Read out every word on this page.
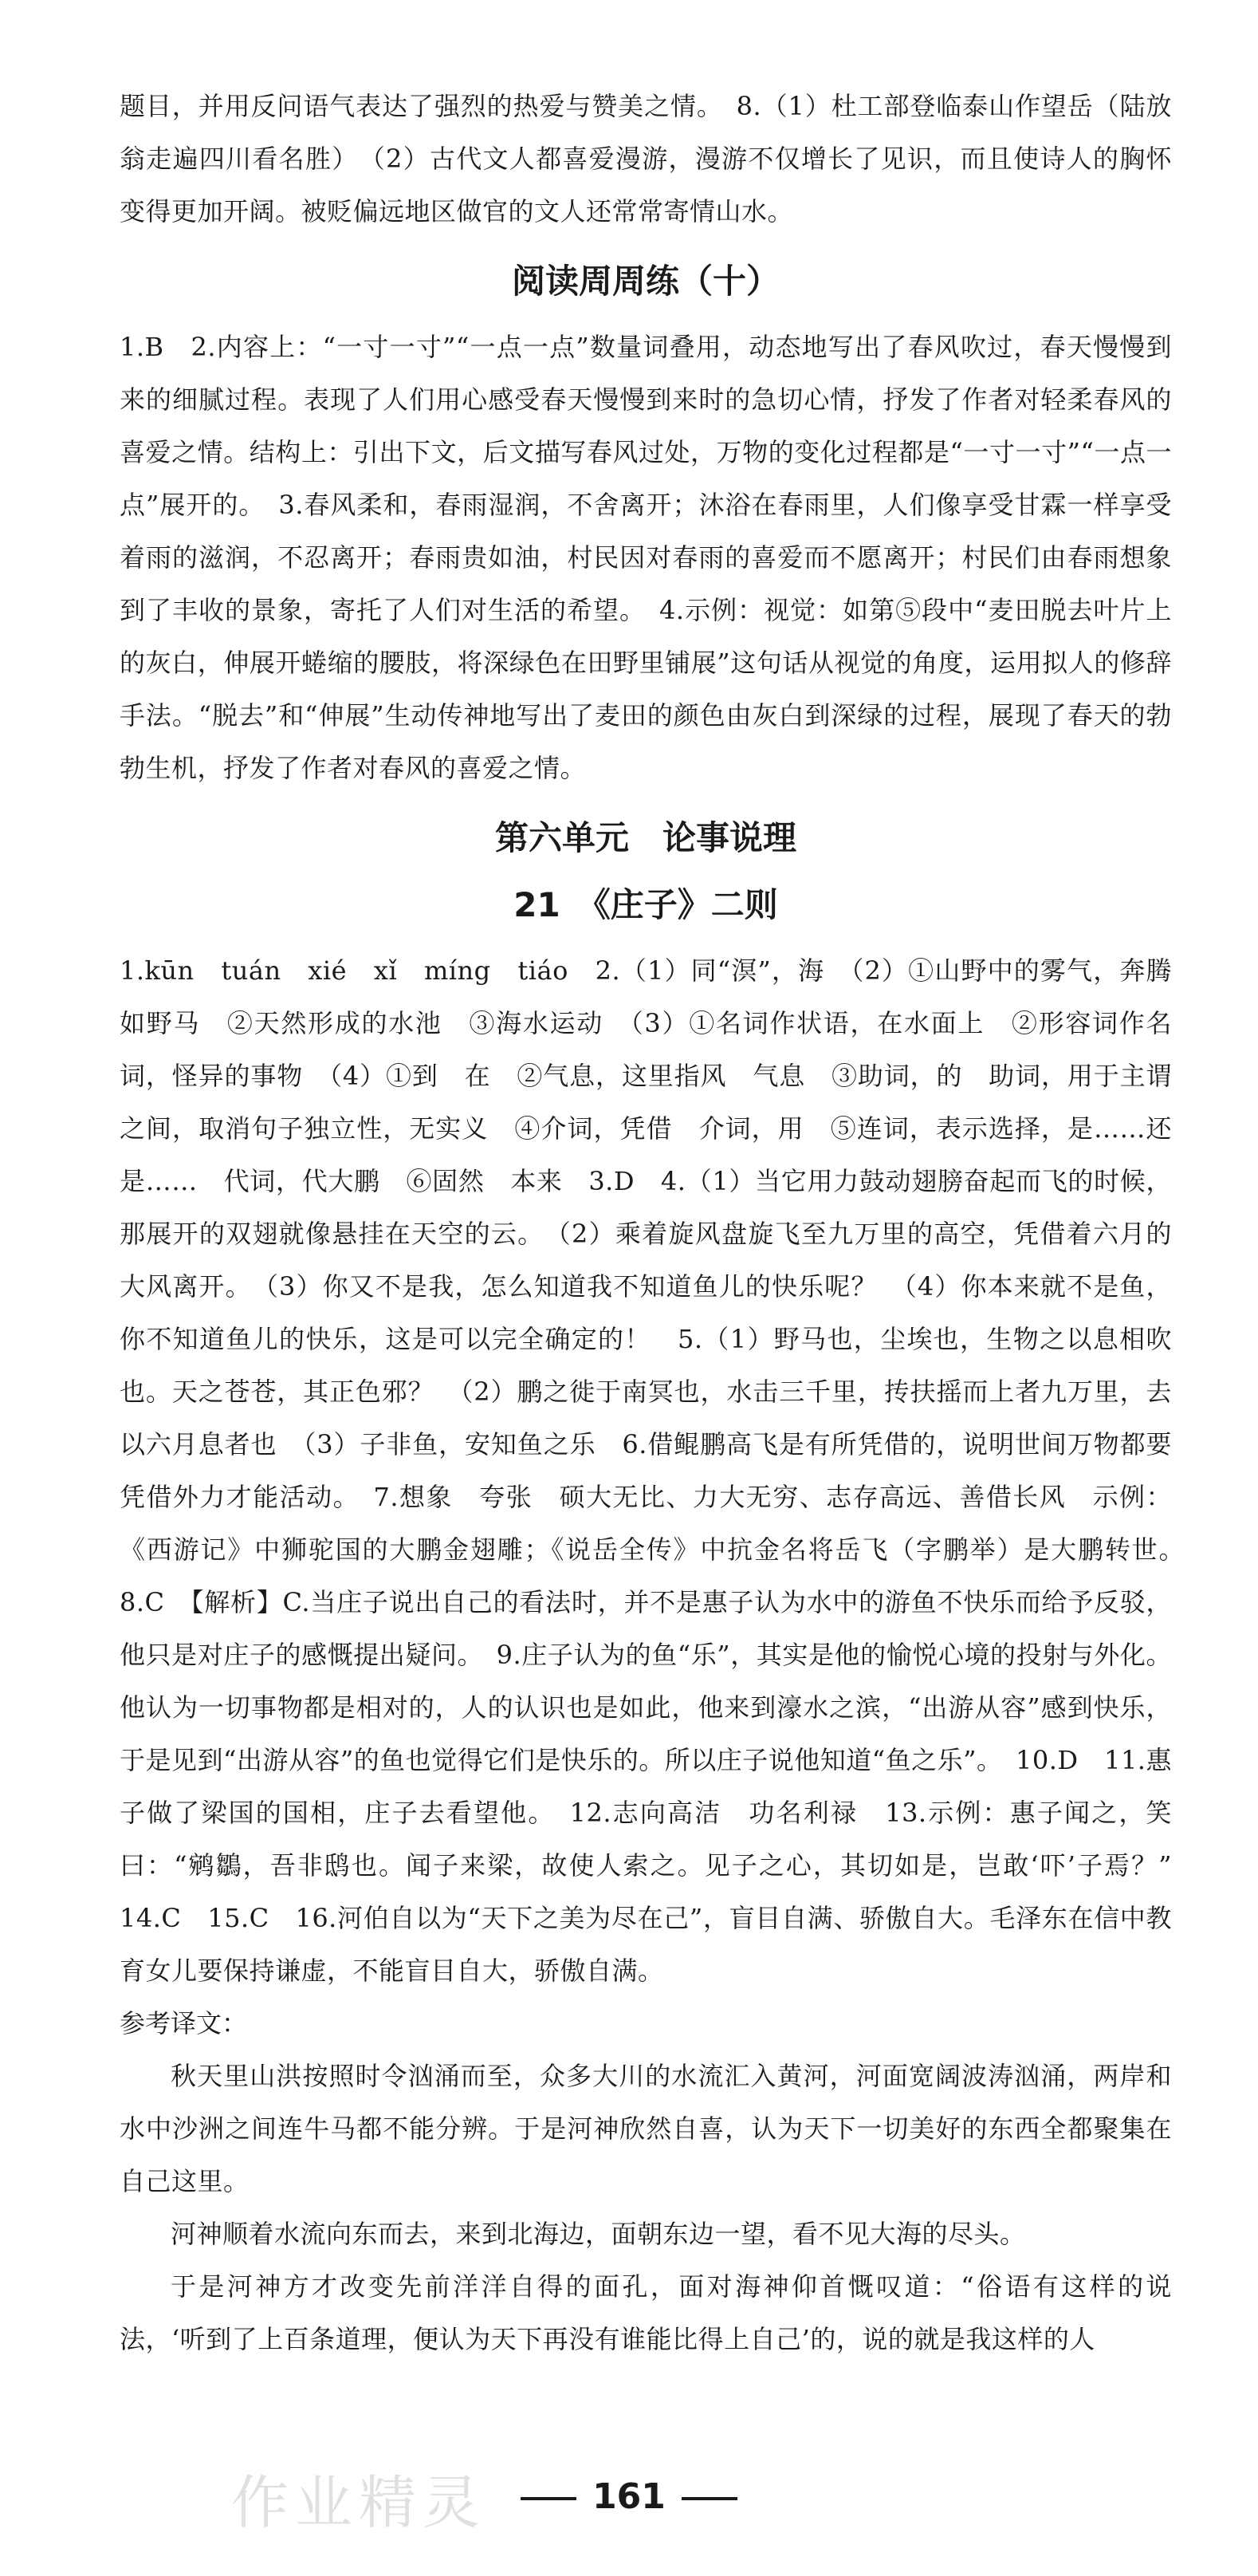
题目，并用反问语气表达了强烈的热爱与赞美之情。　8.（1）杜工部登临泰山作望岳（陆放翁走遍四川看名胜）　（2）古代文人都喜爱漫游，漫游不仅增长了见识，而且使诗人的胸怀变得更加开阔。被贬偏远地区做官的文人还常常寄情山水。

阅读周周练（十）

1.B　2.内容上：“一寸一寸”“一点一点”数量词叠用，动态地写出了春风吹过，春天慢慢到来的细腻过程。表现了人们用心感受春天慢慢到来时的急切心情，抒发了作者对轻柔春风的喜爱之情。结构上：引出下文，后文描写春风过处，万物的变化过程都是“一寸一寸”“一点一点”展开的。　3.春风柔和，春雨湿润，不舍离开；沐浴在春雨里，人们像享受甘霖一样享受着雨的滋润，不忍离开；春雨贵如油，村民因对春雨的喜爱而不愿离开；村民们由春雨想象到了丰收的景象，寄托了人们对生活的希望。　4.示例：视觉：如第⑤段中“麦田脱去叶片上的灰白，伸展开蜷缩的腰肢，将深绿色在田野里铺展”这句话从视觉的角度，运用拟人的修辞手法。“脱去”和“伸展”生动传神地写出了麦田的颜色由灰白到深绿的过程，展现了春天的勃勃生机，抒发了作者对春风的喜爱之情。

第六单元　论事说理
21　《庄子》二则

1.kūn　tuán　xié　xǐ　míng　tiáo　2.（1）同“溟”，海　（2）①山野中的雾气，奔腾如野马　②天然形成的水池　③海水运动　（3）①名词作状语，在水面上　②形容词作名词，怪异的事物　（4）①到　在　②气息，这里指风　气息　③助词，的　助词，用于主谓之间，取消句子独立性，无实义　④介词，凭借　介词，用　⑤连词，表示选择，是……还是……　代词，代大鹏　⑥固然　本来　3.D　4.（1）当它用力鼓动翅膀奋起而飞的时候，那展开的双翅就像悬挂在天空的云。　（2）乘着旋风盘旋飞至九万里的高空，凭借着六月的大风离开。　（3）你又不是我，怎么知道我不知道鱼儿的快乐呢？　（4）你本来就不是鱼，你不知道鱼儿的快乐，这是可以完全确定的！　5.（1）野马也，尘埃也，生物之以息相吹也。天之苍苍，其正色邪？　（2）鹏之徙于南冥也，水击三千里，抟扶摇而上者九万里，去以六月息者也　（3）子非鱼，安知鱼之乐　6.借鲲鹏高飞是有所凭借的，说明世间万物都要凭借外力才能活动。　7.想象　夸张　硕大无比、力大无穷、志存高远、善借长风　示例：《西游记》中狮驼国的大鹏金翅雕；《说岳全传》中抗金名将岳飞（字鹏举）是大鹏转世。　8.C　【解析】C.当庄子说出自己的看法时，并不是惠子认为水中的游鱼不快乐而给予反驳，他只是对庄子的感慨提出疑问。　9.庄子认为的鱼“乐”，其实是他的愉悦心境的投射与外化。他认为一切事物都是相对的，人的认识也是如此，他来到濠水之滨，“出游从容”感到快乐，于是见到“出游从容”的鱼也觉得它们是快乐的。所以庄子说他知道“鱼之乐”。　10.D　11.惠子做了梁国的国相，庄子去看望他。　12.志向高洁　功名利禄　13.示例：惠子闻之，笑曰：“鹓鶵，吾非鸱也。闻子来梁，故使人索之。见子之心，其切如是，岂敢‘吓’子焉？”　14.C　15.C　16.河伯自以为“天下之美为尽在己”，盲目自满、骄傲自大。毛泽东在信中教育女儿要保持谦虚，不能盲目自大，骄傲自满。

参考译文：

秋天里山洪按照时令汹涌而至，众多大川的水流汇入黄河，河面宽阔波涛汹涌，两岸和水中沙洲之间连牛马都不能分辨。于是河神欣然自喜，认为天下一切美好的东西全都聚集在自己这里。

河神顺着水流向东而去，来到北海边，面朝东边一望，看不见大海的尽头。

于是河神方才改变先前洋洋自得的面孔，面对海神仰首慨叹道：“俗语有这样的说法，‘听到了上百条道理，便认为天下再没有谁能比得上自己’的，说的就是我这样的人

作业精灵	161
